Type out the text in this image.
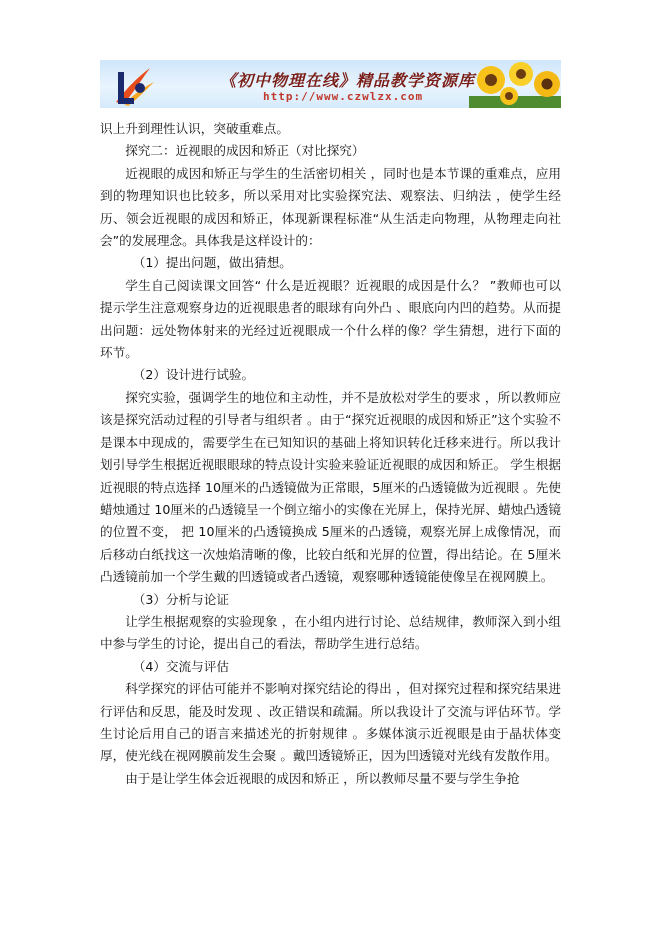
《初中物理在线》精品教学资源库
http://www.czwlzx.com

识上升到理性认识，突破重难点。

探究二：近视眼的成因和矫正（对比探究）

近视眼的成因和矫正与学生的生活密切相关 ，同时也是本节课的重难点，应用到的物理知识也比较多，所以采用对比实验探究法、观察法、归纳法 ，使学生经历、领会近视眼的成因和矫正，体现新课程标准“从生活走向物理，从物理走向社会”的发展理念。具体我是这样设计的：

（1）提出问题，做出猜想。

学生自己阅读课文回答“ 什么是近视眼？近视眼的成因是什么？ ”教师也可以提示学生注意观察身边的近视眼患者的眼球有向外凸 、眼底向内凹的趋势。从而提出问题：远处物体射来的光经过近视眼成一个什么样的像？学生猜想，进行下面的环节。

（2）设计进行试验。

探究实验，强调学生的地位和主动性，并不是放松对学生的要求 ，所以教师应该是探究活动过程的引导者与组织者 。由于“探究近视眼的成因和矫正”这个实验不是课本中现成的，需要学生在已知知识的基础上将知识转化迁移来进行。所以我计划引导学生根据近视眼眼球的特点设计实验来验证近视眼的成因和矫正。 学生根据近视眼的特点选择 10厘米的凸透镜做为正常眼，5厘米的凸透镜做为近视眼 。先使蜡烛通过 10厘米的凸透镜呈一个倒立缩小的实像在光屏上，保持光屏、蜡烛凸透镜的位置不变， 把 10厘米的凸透镜换成 5厘米的凸透镜，观察光屏上成像情况，而后移动白纸找这一次烛焰清晰的像，比较白纸和光屏的位置，得出结论。在 5厘米凸透镜前加一个学生戴的凹透镜或者凸透镜，观察哪种透镜能使像呈在视网膜上。

（3）分析与论证

让学生根据观察的实验现象 ，在小组内进行讨论、总结规律，教师深入到小组中参与学生的讨论，提出自己的看法，帮助学生进行总结。

（4）交流与评估

科学探究的评估可能并不影响对探究结论的得出 ，但对探究过程和探究结果进行评估和反思，能及时发现 、改正错误和疏漏。所以我设计了交流与评估环节。学生讨论后用自己的语言来描述光的折射规律 。多媒体演示近视眼是由于晶状体变厚，使光线在视网膜前发生会聚 。戴凹透镜矫正，因为凹透镜对光线有发散作用。

由于是让学生体会近视眼的成因和矫正 ，所以教师尽量不要与学生争抢
